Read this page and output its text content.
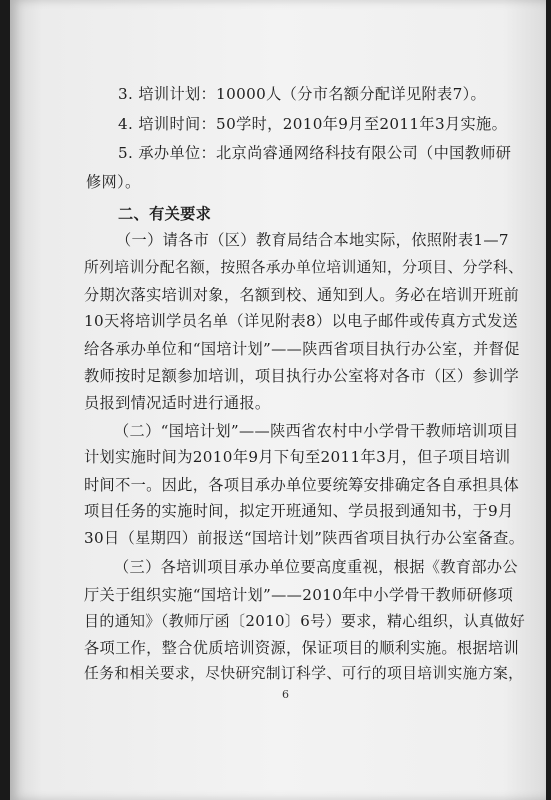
3. 培训计划：10000人（分市名额分配详见附表7）。
4. 培训时间：50学时，2010年9月至2011年3月实施。
5. 承办单位：北京尚睿通网络科技有限公司（中国教师研
修网）。
二、有关要求
（一）请各市（区）教育局结合本地实际，依照附表1—7
所列培训分配名额，按照各承办单位培训通知，分项目、分学科、
分期次落实培训对象，名额到校、通知到人。务必在培训开班前
10天将培训学员名单（详见附表8）以电子邮件或传真方式发送
给各承办单位和“国培计划”——陕西省项目执行办公室，并督促
教师按时足额参加培训，项目执行办公室将对各市（区）参训学
员报到情况适时进行通报。
（二）“国培计划”——陕西省农村中小学骨干教师培训项目
计划实施时间为2010年9月下旬至2011年3月，但子项目培训
时间不一。因此，各项目承办单位要统筹安排确定各自承担具体
项目任务的实施时间，拟定开班通知、学员报到通知书，于9月
30日（星期四）前报送“国培计划”陕西省项目执行办公室备查。
（三）各培训项目承办单位要高度重视，根据《教育部办公
厅关于组织实施“国培计划”——2010年中小学骨干教师研修项
目的通知》（教师厅函〔2010〕6号）要求，精心组织，认真做好
各项工作，整合优质培训资源，保证项目的顺利实施。根据培训
任务和相关要求，尽快研究制订科学、可行的项目培训实施方案，
6
